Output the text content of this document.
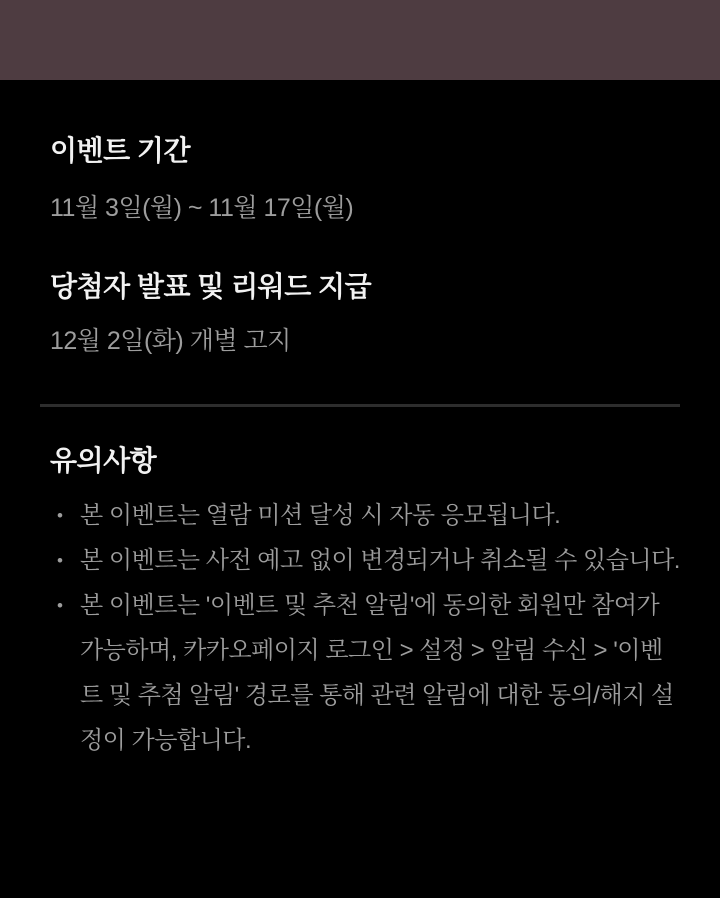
이벤트 기간

11월 3일(월) ~ 11월 17일(월)

당첨자 발표 및 리워드 지급

12월 2일(화) 개별 고지

유의사항
• 본 이벤트는 열람 미션 달성 시 자동 응모됩니다.
• 본 이벤트는 사전 예고 없이 변경되거나 취소될 수 있습니다.
• 본 이벤트는 '이벤트 및 추천 알림'에 동의한 회원만 참여가 가능하며, 카카오페이지 로그인 > 설정 > 알림 수신 > '이벤트 및 추첨 알림' 경로를 통해 관련 알림에 대한 동의/해지 설정이 가능합니다.
